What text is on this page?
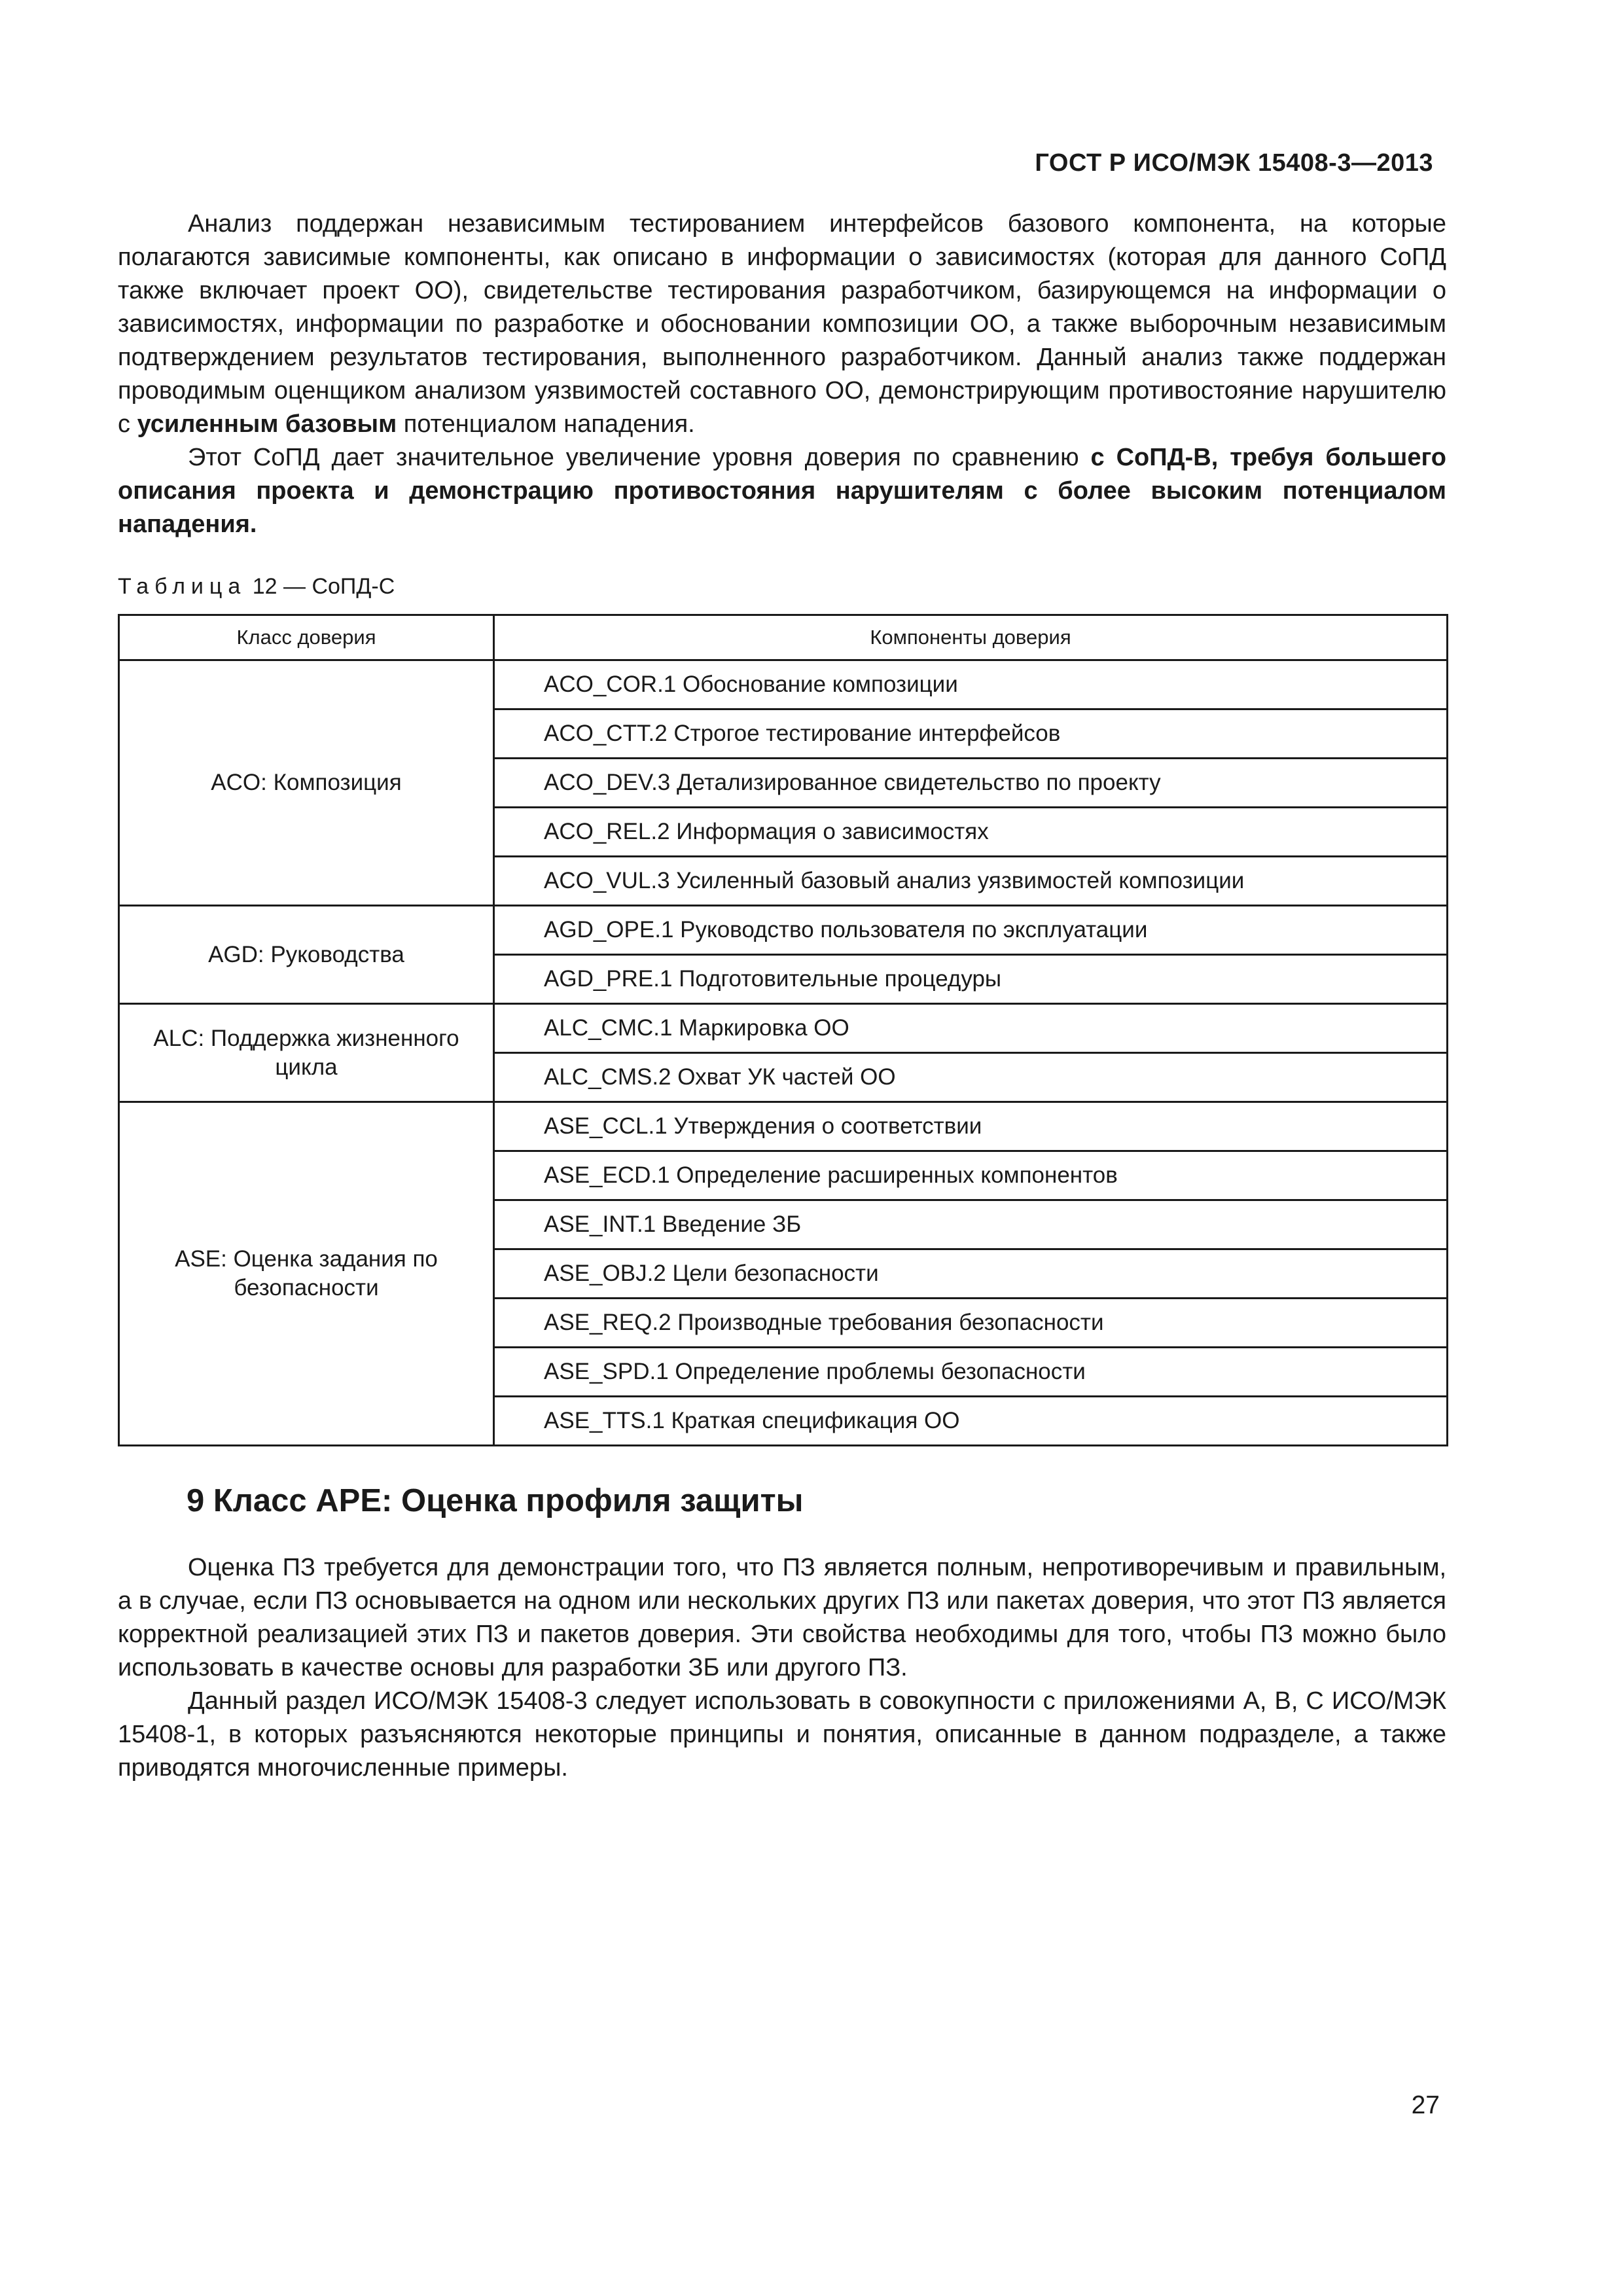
ГОСТ Р ИСО/МЭК 15408-3—2013

Анализ поддержан независимым тестированием интерфейсов базового компонента, на которые полагаются зависимые компоненты, как описано в информации о зависимостях (которая для данного СоПД также включает проект ОО), свидетельстве тестирования разработчиком, базирующемся на информации о зависимостях, информации по разработке и обосновании композиции ОО, а также выборочным независимым подтверждением результатов тестирования, выполненного разработчиком. Данный анализ также поддержан проводимым оценщиком анализом уязвимостей составного ОО, демонстрирующим противостояние нарушителю с усиленным базовым потенциалом нападения.

Этот СоПД дает значительное увеличение уровня доверия по сравнению с СоПД-В, требуя большего описания проекта и демонстрацию противостояния нарушителям с более высоким потенциалом нападения.

Таблица 12 — СоПД-С
Класс доверия	Компоненты доверия
ACO: Композиция	ACO_COR.1 Обоснование композиции
	ACO_CTT.2 Строгое тестирование интерфейсов
	ACO_DEV.3 Детализированное свидетельство по проекту
	ACO_REL.2 Информация о зависимостях
	ACO_VUL.3 Усиленный базовый анализ уязвимостей композиции
AGD: Руководства	AGD_OPE.1 Руководство пользователя по эксплуатации
	AGD_PRE.1 Подготовительные процедуры
ALC: Поддержка жизненного цикла	ALC_CMC.1 Маркировка ОО
	ALC_CMS.2 Охват УК частей ОО
ASE: Оценка задания по безопасности	ASE_CCL.1 Утверждения о соответствии
	ASE_ECD.1 Определение расширенных компонентов
	ASE_INT.1 Введение ЗБ
	ASE_OBJ.2 Цели безопасности
	ASE_REQ.2 Производные требования безопасности
	ASE_SPD.1 Определение проблемы безопасности
	ASE_TTS.1 Краткая спецификация ОО
9 Класс АРЕ: Оценка профиля защиты

Оценка ПЗ требуется для демонстрации того, что ПЗ является полным, непротиворечивым и правильным, а в случае, если ПЗ основывается на одном или нескольких других ПЗ или пакетах доверия, что этот ПЗ является корректной реализацией этих ПЗ и пакетов доверия. Эти свойства необходимы для того, чтобы ПЗ можно было использовать в качестве основы для разработки ЗБ или другого ПЗ.

Данный раздел ИСО/МЭК 15408-3 следует использовать в совокупности с приложениями А, В, С ИСО/МЭК 15408-1, в которых разъясняются некоторые принципы и понятия, описанные в данном подразделе, а также приводятся многочисленные примеры.

27
